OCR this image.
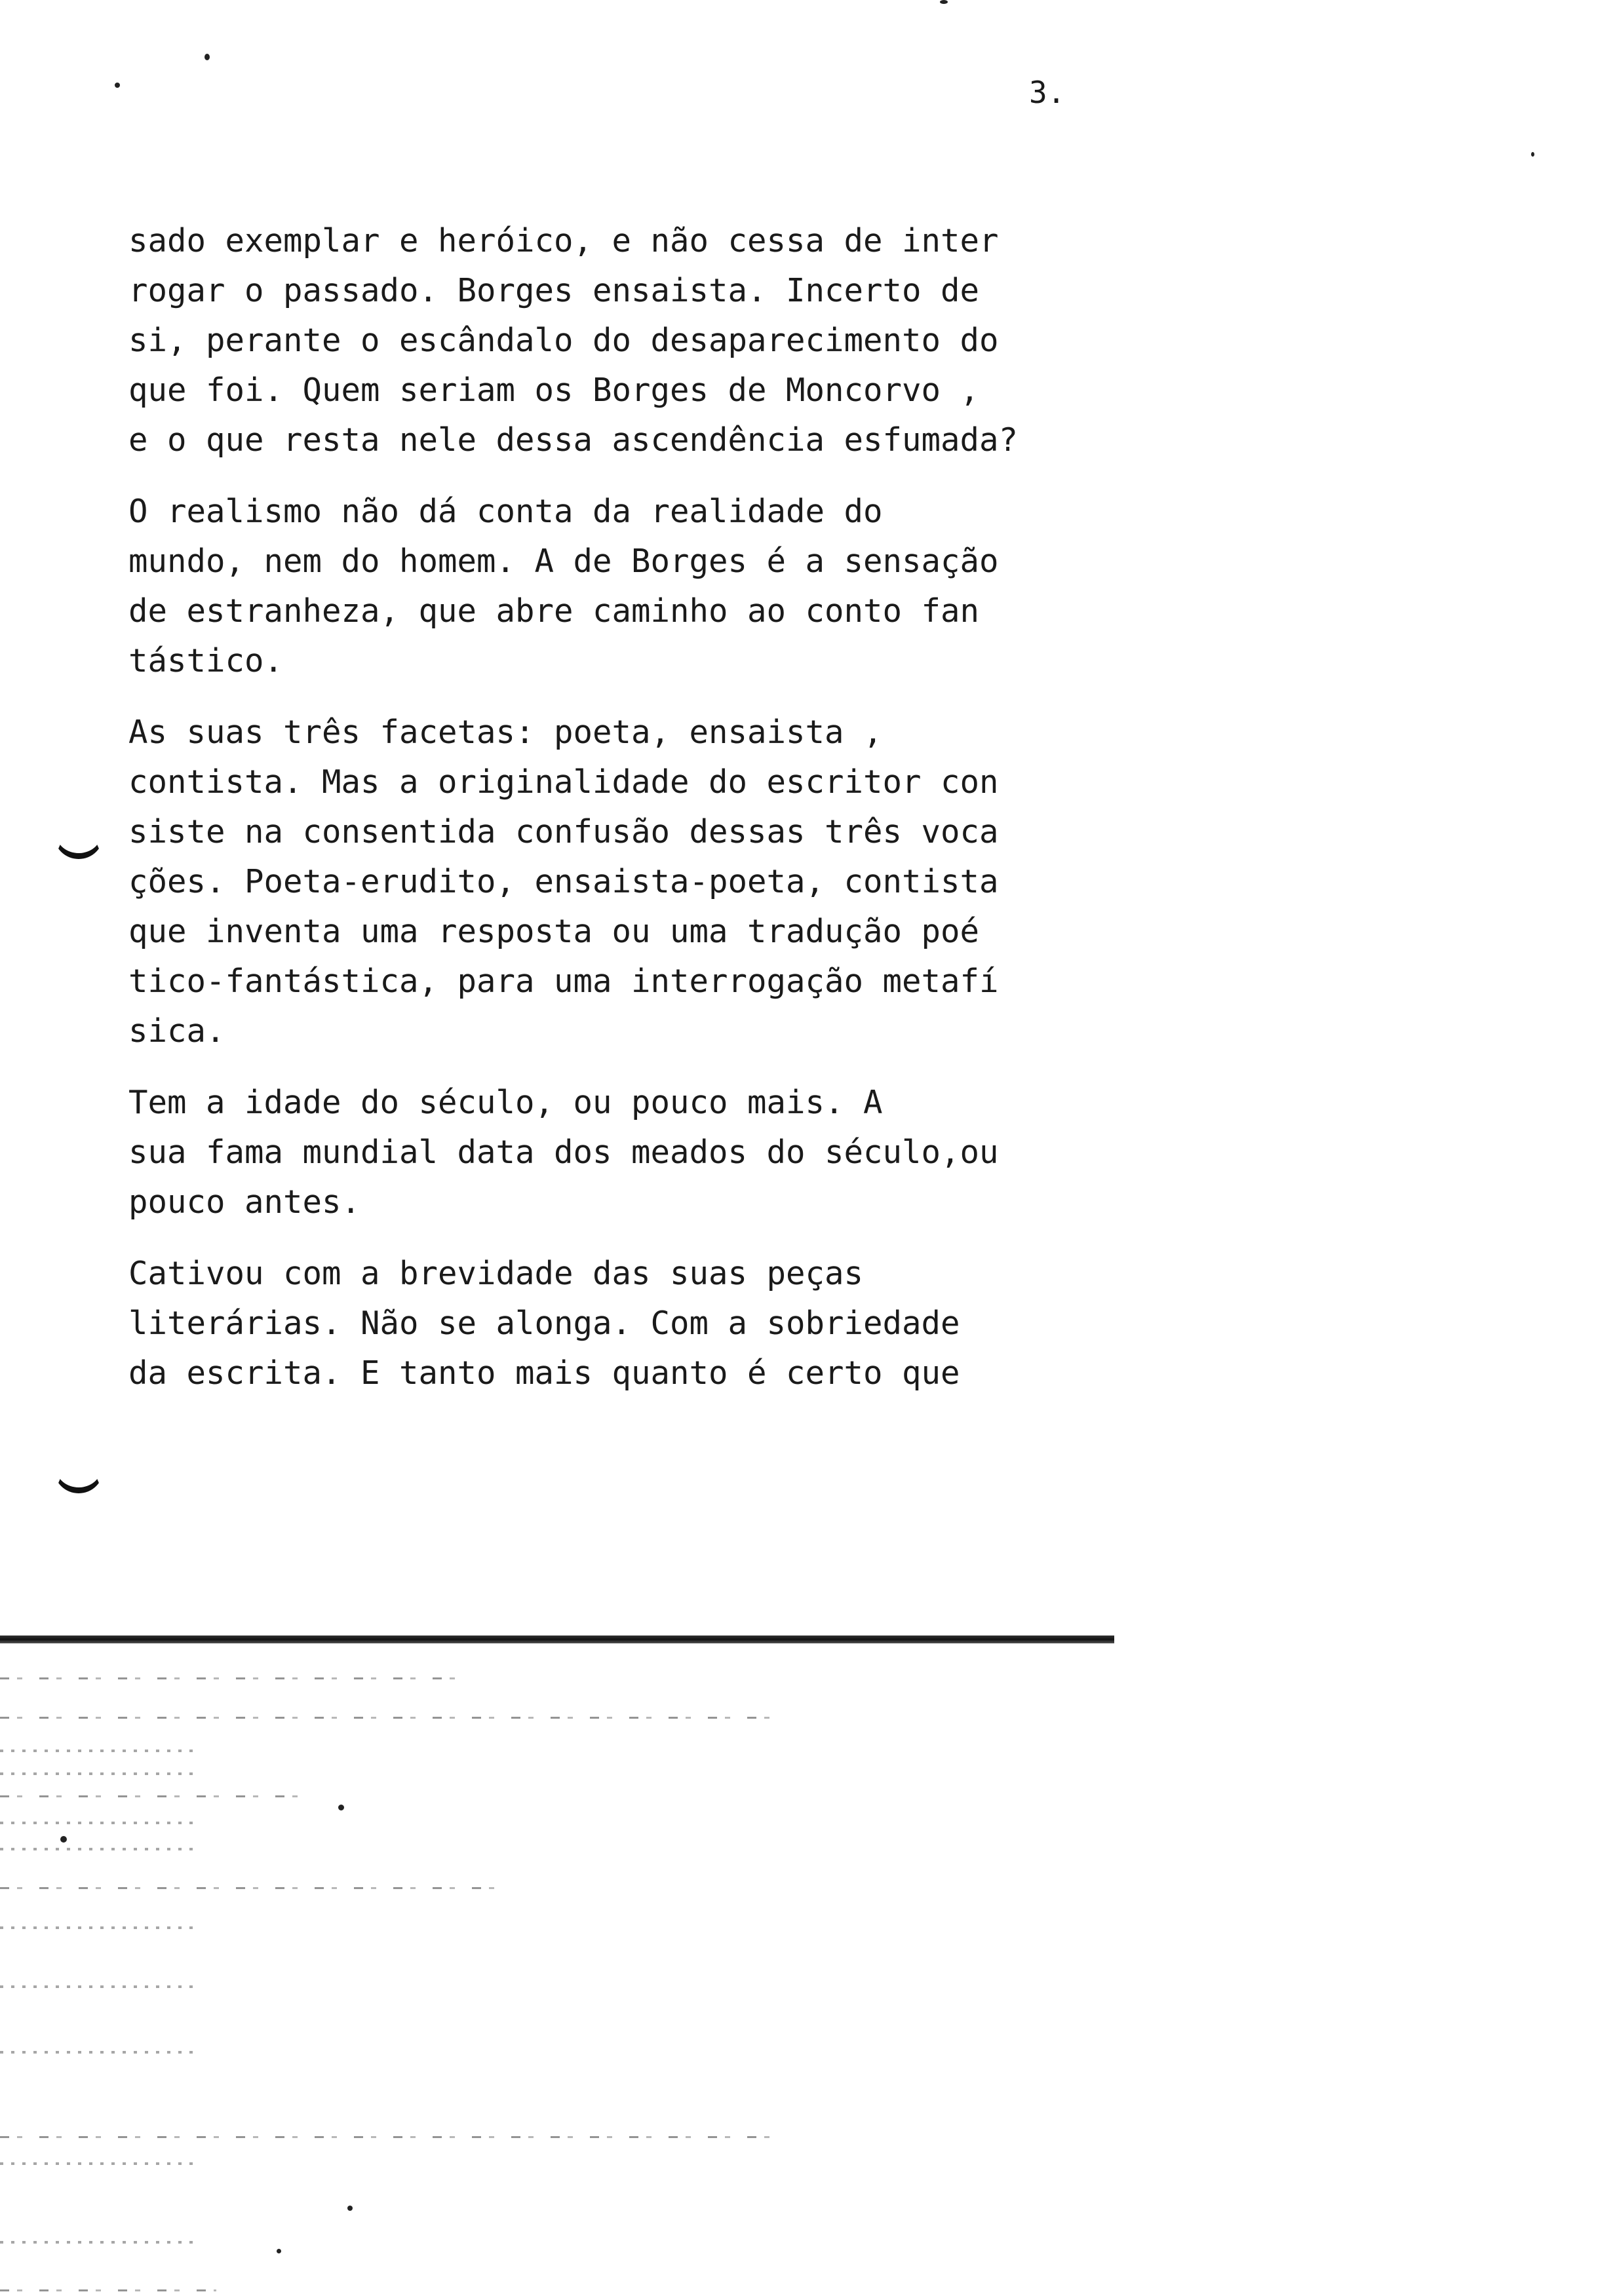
3.
sado exemplar e heróico, e não cessa de inter
rogar o passado. Borges ensaista. Incerto de
si, perante o escândalo do desaparecimento do
que foi. Quem seriam os Borges de Moncorvo ,
e o que resta nele dessa ascendência esfumada?
O realismo não dá conta da realidade do
mundo, nem do homem. A de Borges é a sensação
de estranheza, que abre caminho ao conto fan
tástico.
As suas três facetas: poeta, ensaista ,
contista. Mas a originalidade do escritor con
siste na consentida confusão dessas três voca
ções. Poeta-erudito, ensaista-poeta, contista
que inventa uma resposta ou uma tradução poé
tico-fantástica, para uma interrogação metafí
sica.
Tem a idade do século, ou pouco mais. A
sua fama mundial data dos meados do século,ou
pouco antes.
Cativou com a brevidade das suas peças
literárias. Não se alonga. Com a sobriedade
da escrita. E tanto mais quanto é certo que
